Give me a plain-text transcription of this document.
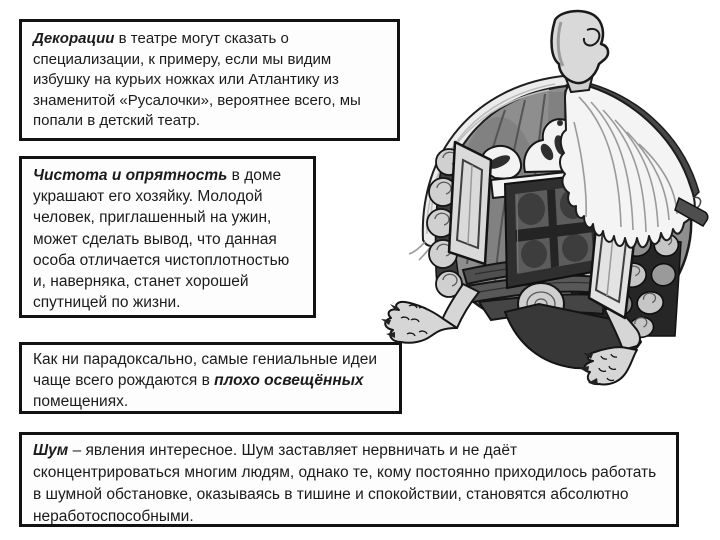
Декорации в театре могут сказать о специализации, к примеру, если мы видим избушку на курьих ножках или Атлантику из знаменитой «Русалочки», вероятнее всего, мы попали в детский театр.

Чистота и опрятность в доме украшают его хозяйку. Молодой человек, приглашенный на ужин, может сделать вывод, что данная особа отличается чистоплотностью и, наверняка, станет хорошей спутницей по жизни.

Как ни парадоксально, самые гениальные идеи чаще всего рождаются в плохо освещённых помещениях.

Шум – явления интересное. Шум заставляет нервничать и не даёт сконцентрироваться многим людям, однако те, кому постоянно приходилось работать в шумной обстановке, оказываясь в тишине и спокойствии, становятся абсолютно неработоспособными.
